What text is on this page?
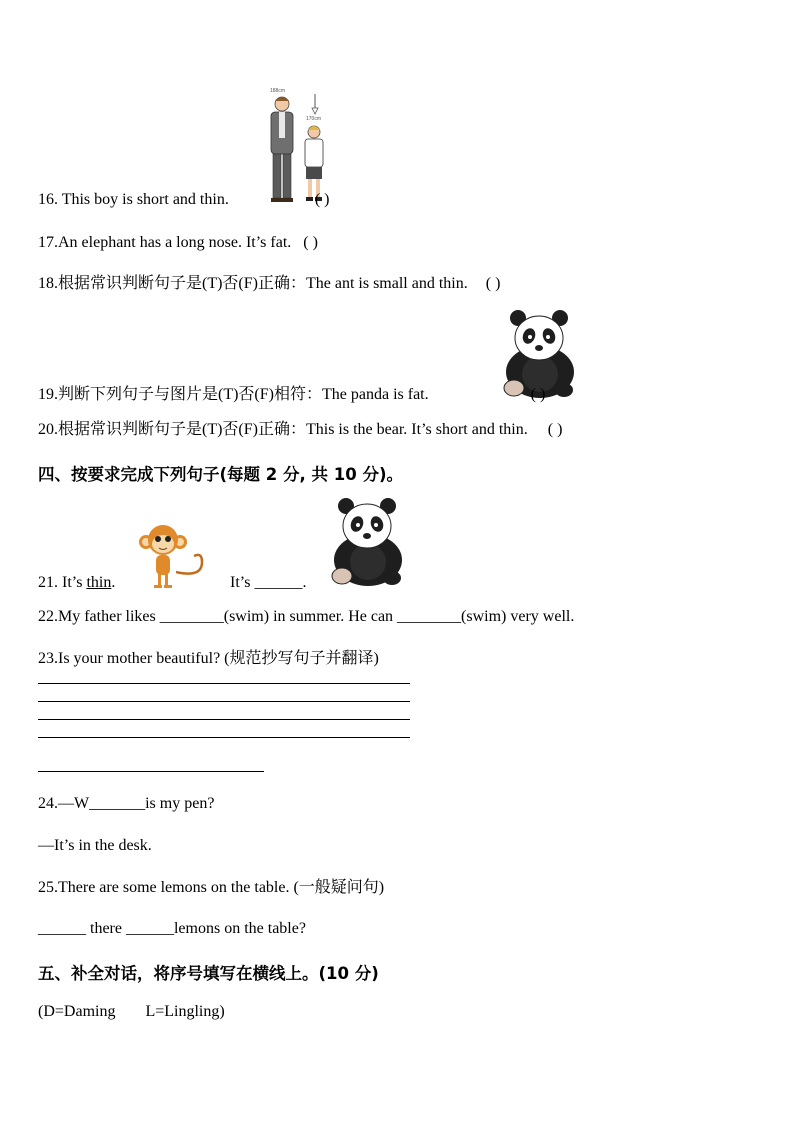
188cm
170cm
16. This boy is short and thin.	( )
17.An elephant has a long nose. It’s fat. ( )
18.根据常识判断句子是(T)否(F)正确：The ant is small and thin. ( )
19.判断下列句子与图片是(T)否(F)相符：The panda is fat.	( )
20.根据常识判断句子是(T)否(F)正确：This is the bear. It’s short and thin. ( )
四、按要求完成下列句子(每题 2 分, 共 10 分)。
21. It’s thin.	It’s ______.
22.My father likes ________(swim) in summer. He can ________(swim) very well.
23.Is your mother beautiful? (规范抄写句子并翻译)
24.—W_______is my pen?
—It’s in the desk.
25.There are some lemons on the table. (一般疑问句)
______ there ______lemons on the table?
五、补全对话，将序号填写在横线上。(10 分)
(D=Daming L=Lingling)
